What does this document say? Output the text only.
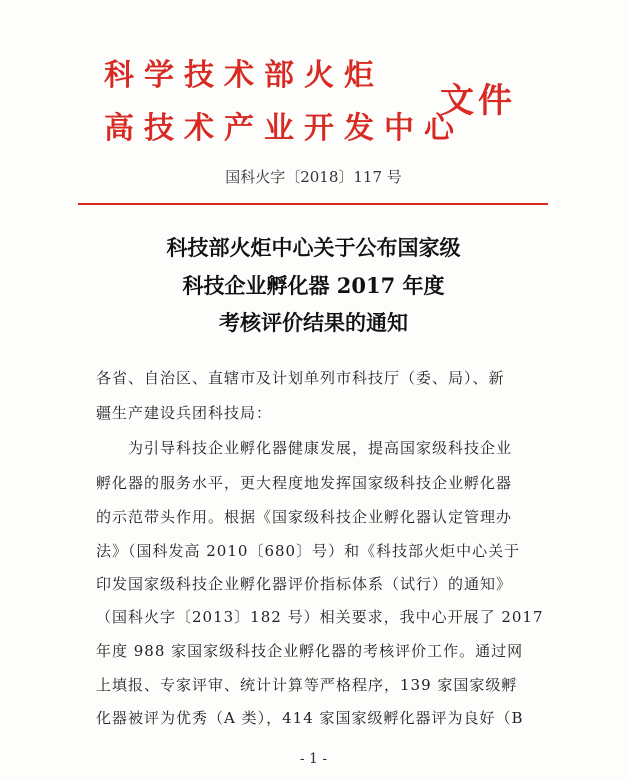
科学技术部火炬
高技术产业开发中心
文件
国科火字〔2018〕117 号
科技部火炬中心关于公布国家级
科技企业孵化器 2017 年度
考核评价结果的通知
各省、自治区、直辖市及计划单列市科技厅（委、局）、新
疆生产建设兵团科技局：
　　为引导科技企业孵化器健康发展，提高国家级科技企业
孵化器的服务水平，更大程度地发挥国家级科技企业孵化器
的示范带头作用。根据《国家级科技企业孵化器认定管理办
法》（国科发高 2010〔680〕号）和《科技部火炬中心关于
印发国家级科技企业孵化器评价指标体系（试行）的通知》
（国科火字〔2013〕182 号）相关要求，我中心开展了 2017
年度 988 家国家级科技企业孵化器的考核评价工作。通过网
上填报、专家评审、统计计算等严格程序，139 家国家级孵
化器被评为优秀（A 类），414 家国家级孵化器评为良好（B
- 1 -
